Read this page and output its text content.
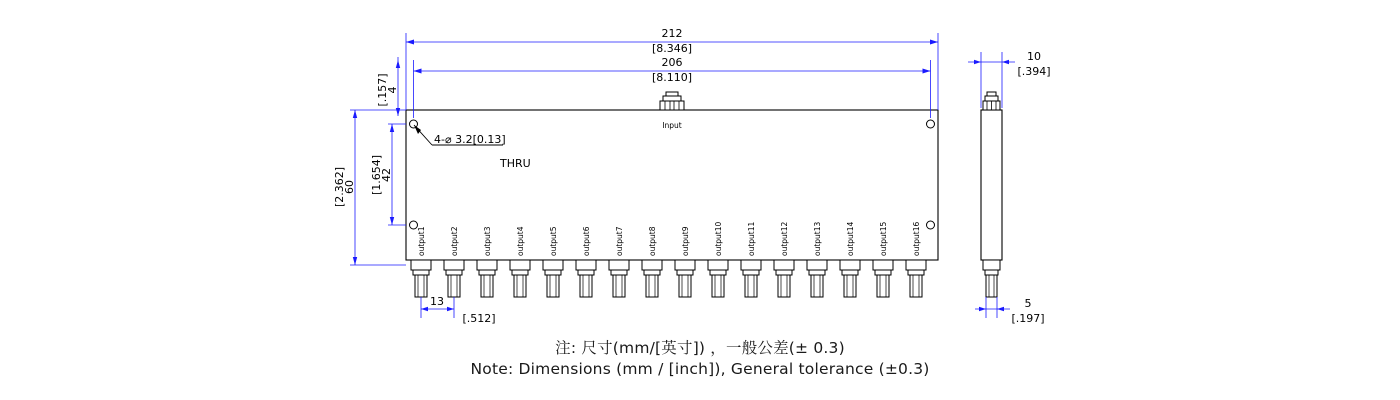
Input
4-⌀ 3.2[0.13]
THRU
output1	output2	output3	output4	output5	output6	output7	output8	output9	output10	output11	output12	output13	output14	output15	output16
212
[8.346]
206
[8.110]
4
[.157]
42
[1.654]
60
[2.362]
13
[.512]
10
[.394]
5
[.197]
注: 尺寸(mm/[英寸]) ，一般公差(± 0.3)
Note: Dimensions (mm / [inch]), General tolerance (±0.3)
